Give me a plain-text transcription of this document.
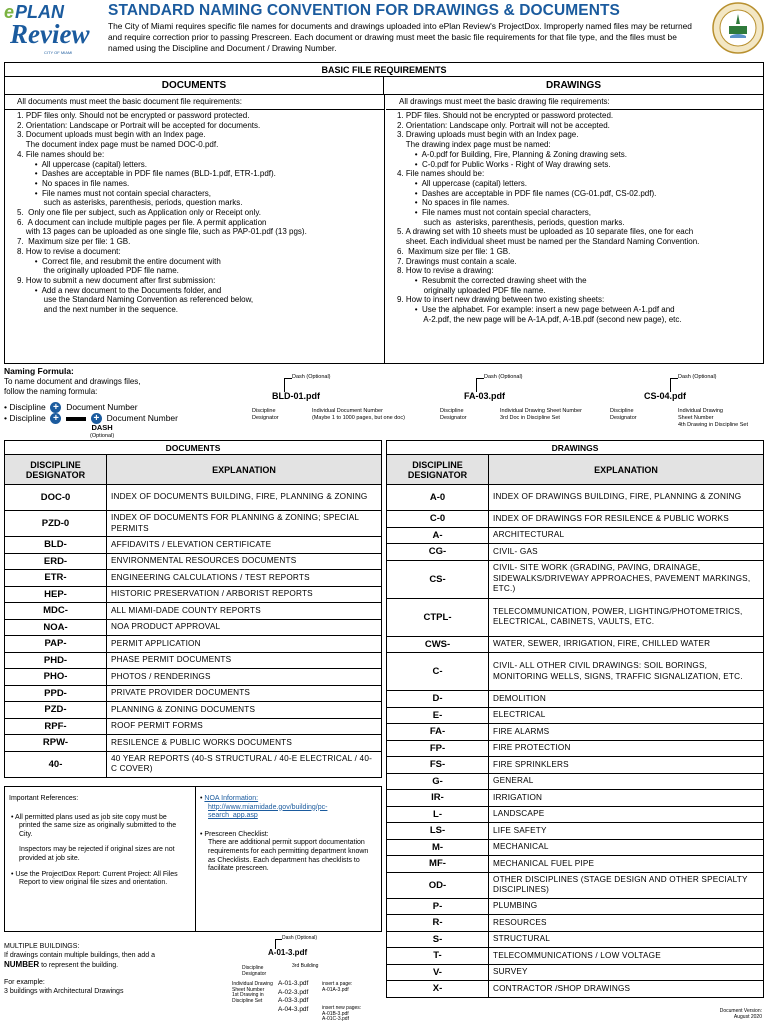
e PLAN
Review
CITY OF MIAMI
STANDARD NAMING CONVENTION FOR DRAWINGS & DOCUMENTS
The City of Miami requires specific file names for documents and drawings uploaded into ePlan Review's ProjectDox. Improperly named files may be returned and require correction prior to passing Prescreen. Each document or drawing must meet the basic file requirements for that file type, and the files must be named using the Discipline and Document / Drawing Number.
BASIC FILE REQUIREMENTS
DOCUMENTS	DRAWINGS
All documents must meet the basic document file requirements:	All drawings must meet the basic drawing file requirements:
1. PDF files only. Should not be encrypted or password protected.
2. Orientation: Landscape or Portrait will be accepted for documents.
3. Document uploads must begin with an Index page.
The document index page must be named DOC-0.pdf.
4. File names should be:
•  All uppercase (capital) letters.
•  Dashes are acceptable in PDF file names (BLD-1.pdf, ETR-1.pdf).
•  No spaces in file names.
•  File names must not contain special characters,
such as asterisks, parenthesis, periods, question marks.
5.  Only one file per subject, such as Application only or Receipt only.
6.  A document can include multiple pages per file. A permit application
with 13 pages can be uploaded as one single file, such as PAP-01.pdf (13 pgs).
7.  Maximum size per file: 1 GB.
8. How to revise a document:
•  Correct file, and resubmit the entire document with
the originally uploaded PDF file name.
9. How to submit a new document after first submission:
•  Add a new document to the Documents folder, and
use the Standard Naming Convention as referenced below,
and the next number in the sequence.
1. PDF files. Should not be encrypted or password protected.
2. Orientation: Landscape only. Portrait will not be accepted.
3. Drawing uploads must begin with an Index page.
The drawing index page must be named:
•  A-0.pdf for Building, Fire, Planning & Zoning drawing sets.
•  C-0.pdf for Public Works - Right of Way drawing sets.
4. File names should be:
•  All uppercase (capital) letters.
•  Dashes are acceptable in PDF file names (CG-01.pdf, CS-02.pdf).
•  No spaces in file names.
•  File names must not contain special characters,
such as  asterisks, parenthesis, periods, question marks.
5. A drawing set with 10 sheets must be uploaded as 10 separate files, one for each
sheet. Each individual sheet must be named per the Standard Naming Convention.
6.  Maximum size per file: 1 GB.
7. Drawings must contain a scale.
8. How to revise a drawing:
•  Resubmit the corrected drawing sheet with the
originally uploaded PDF file name.
9. How to insert new drawing between two existing sheets:
•  Use the alphabet. For example: insert a new page between A-1.pdf and
A-2.pdf, the new page will be A-1A.pdf, A-1B.pdf (second new page), etc.
Naming Formula:
To name document and drawings files,
follow the naming formula:
• Discipline + Document Number
• Discipline +	+ Document Number
DASH
(Optional)
Dash (Optional)
BLD-01.pdf
Discipline
Designator
Individual Document Number
(Maybe 1 to 1000 pages, but one doc)
Dash (Optional)
FA-03.pdf
Discipline
Designator
Individual Drawing Sheet Number
3rd Doc in Discipline Set
Dash (Optional)
CS-04.pdf
Discipline
Designator
Individual Drawing
Sheet Number
4th Drawing in Discipline Set
DOCUMENTS	
DISCIPLINE DESIGNATOR	EXPLANATION
DOC-0	INDEX OF DOCUMENTS BUILDING, FIRE, PLANNING & ZONING
PZD-0	INDEX OF DOCUMENTS FOR PLANNING & ZONING; SPECIAL PERMITS
BLD-	AFFIDAVITS / ELEVATION CERTIFICATE
ERD-	ENVIRONMENTAL RESOURCES DOCUMENTS
ETR-	ENGINEERING CALCULATIONS / TEST REPORTS
HEP-	HISTORIC PRESERVATION / ARBORIST REPORTS
MDC-	ALL MIAMI-DADE COUNTY REPORTS
NOA-	NOA PRODUCT APPROVAL
PAP-	PERMIT APPLICATION
PHD-	PHASE PERMIT DOCUMENTS
PHO-	PHOTOS / RENDERINGS
PPD-	PRIVATE PROVIDER DOCUMENTS
PZD-	PLANNING & ZONING DOCUMENTS
RPF-	ROOF PERMIT FORMS
RPW-	RESILENCE & PUBLIC WORKS DOCUMENTS
40-	40 YEAR REPORTS (40-S STRUCTURAL / 40-E ELECTRICAL / 40-C COVER)
DRAWINGS	
DISCIPLINE DESIGNATOR	EXPLANATION
A-0	INDEX OF DRAWINGS BUILDING, FIRE, PLANNING & ZONING
C-0	INDEX OF DRAWINGS FOR RESILENCE & PUBLIC WORKS
A-	ARCHITECTURAL
CG-	CIVIL- GAS
CS-	CIVIL- SITE WORK (GRADING, PAVING, DRAINAGE, SIDEWALKS/DRIVEWAY APPROACHES, PAVEMENT MARKINGS, ETC.)
CTPL-	TELECOMMUNICATION, POWER, LIGHTING/PHOTOMETRICS, ELECTRICAL, CABINETS, VAULTS, ETC.
CWS-	WATER, SEWER, IRRIGATION, FIRE, CHILLED WATER
C-	CIVIL- ALL OTHER CIVIL DRAWINGS: SOIL BORINGS, MONITORING WELLS, SIGNS, TRAFFIC SIGNALIZATION, ETC.
D-	DEMOLITION
E-	ELECTRICAL
FA-	FIRE ALARMS
FP-	FIRE PROTECTION
FS-	FIRE SPRINKLERS
G-	GENERAL
IR-	IRRIGATION
L-	LANDSCAPE
LS-	LIFE SAFETY
M-	MECHANICAL
MF-	MECHANICAL FUEL PIPE
OD-	OTHER DISCIPLINES (STAGE DESIGN AND OTHER SPECIALTY DISCIPLINES)
P-	PLUMBING
R-	RESOURCES
S-	STRUCTURAL
T-	TELECOMMUNICATIONS / LOW VOLTAGE
V-	SURVEY
X-	CONTRACTOR /SHOP DRAWINGS
Important References:
• All permitted plans used as job site copy must be printed the same size as originally submitted to the City.
Inspectors may be rejected if original sizes are not provided at job site.
• Use the ProjectDox Report: Current Project: All Files Report to view original file sizes and orientation.
• NOA Information:
http://www.miamidade.gov/building/pc-search_app.asp
• Prescreen Checklist:
There are additional permit support documentation requirements for each permitting department known as Checklists. Each department has checklists to facilitate prescreen.
MULTIPLE BUILDINGS:
If drawings contain multiple buildings, then add a NUMBER to represent the building.
For example:
3 buildings with Architectural Drawings
Dash (Optional)
A-01-3.pdf
Discipline
Designator
3rd Building
Individual Drawing
Sheet Number
1st Drawing in
Discipline Set
A-01-3.pdf
A-02-3.pdf
A-03-3.pdf
A-04-3.pdf
insert a page:
A-01A-3.pdf
insert new pages:
A-01B-3.pdf
A-01C-3.pdf
Document Version:
August 2020
